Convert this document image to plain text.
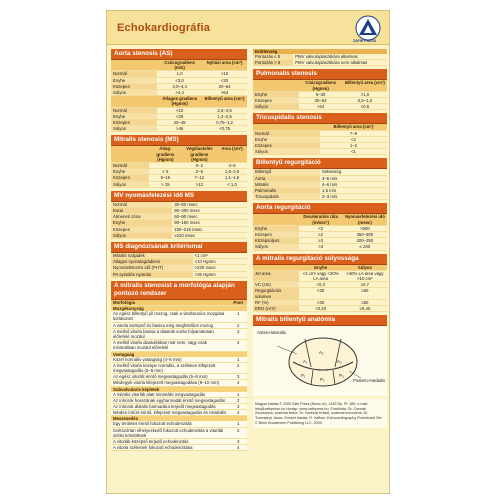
Echokardiográfia
ZAFIR PRESS
Aorta stenosis (AS)
	Csúcsgradiens (m/s)	Nyitási area (cm²)
Normál	1,0	<10
Enyhe	<3,0	<20
Közepes	3,0–4,4	20–64
Súlyos	>4,4	>64
	Átlagos gradiens (Hgmm)	Billentyű area (cm²)
Normál	<10	2,5–3,5
Enyhe	<25	1,2–2,5
Közepes	25–45	0,75–1,2
Súlyos	>45	<0,75
Mitralis stenosis (MS)
	Átlag-gradiens (Hgmm)	Végdiastolés gradiens (Hgmm)	Area (cm²)
Normál		0–2	4–6
Enyhe	≤ 5	2–6	1,5–2,5
Közepes	6–15	7–12	1,1–1,5
Súlyos	> 15	>12	< 1,0
MV nyomásfelezési idő MS
Normál	30–60 msec
Korai	90–400 msec
Átmeneti zóna	60–90 msec
Enyhe	90–150 msec
Közepes	150–219 msec
Súlyos	≥220 msec
MS diagnózisának kritériumai
Mitralis szájadék	<1 cm²
Átlagos nyomásgrádiens	<10 Hgmm
Nyomásfelezési idő (PHT)	>220 msec
PA systolés nyomás	>35 Hgmm
A mitralis stenosist a morfológia alapján pontozó rendszer
Morfológia	Pont
Mozgékonyság
Az egész billentyű jól mozog, csak a vitorlacsúcs mozgása korlátozott	1
A vitorla középső és basisa még megfelelően mozog	2
A mellső vitorla basisa a diastole során folyamatosan előrefelé mozdul	3
A mellső vitorla diastolékban már nem, vagy csak minimálisan mozdul előrefelé	4
Vastagság
Közel normális vastagság (4–5 mm)	1
A mellső vitorla közepe normális, a széleken kifejezett megvastagodás (5–8 mm)	2
Az egész vitorlát érintő megvastagodás (5–8 mm)	3
Mindegyik vitorla kifejezett megvastagodása (8–10 mm)	4
Subvalvularis képletek
A mitralis vitorlák alatt minimális megvastagodás	1
Az ínhúrok hosszának egyharmadát érintő megvastagodás	2
Az ínhúrok distalis harmadára terjedő megvastagodás	3
Minden ínhúrt érintő, kifejezett megvastagodás és rövidülés	4
Meszesedés
Egy területet érintő fokozott echodenzitás	1
Szétszórtan elhelyezkedő fokozott echodenzitás a vitorlák szélei körülöttünk	2
A vitorlák középső terjedő echodenzitás	3
A vitorla széleinek fokozott echodenzitása	4
Erőtlenség
Pontozás ≤ 8	PMV valvuloplasztikára alkalmas
Pontozás > 8	PMV valvuloplasztikára nem alkalmas
Pulmonalis stenosis
	Csúcsgradiens (Hgmm)	Billentyű area (cm²)
Enyhe	5–30	>1,0
Közepes	30–64	0,5–1,0
Súlyos	>64	<0,5
Tricuspidalis stenosis
	Billentyű area (cm²)
Normál	7–9
Enyhe	<2
Közepes	1–2
Súlyos	<1
Billentyű regurgitáció
Billentyű	Sebesség
Aorta	3–5 m/s
Mitralis	4–6 m/s
Pulmonalis	1,5 m/s
Tricuspidalis	2–3 m/s
Aorta regurgitáció
	Deceleratiós ráta (m/sec²)	Nyomásfelezési idő (msec)
Enyhe	<2	>500
Közepes	≥2	350–500
Középsúlyos	≥3	200–350
Súlyos	>3	≤ 200
A mitralis regurgitáció súlyossága
	Enyhe	Súlyos
Jet area	<4 cm² vagy <20% LA area	>40% LA area vagy >10 cm²
VC (cm)	<0,3	≥0,7
Regurgitációs volumen	<30	≥60
RF (%)	<30	≥50
ERO (cm²)	<0,20	≥0,40
Mitralis billentyű anatómia
Antero-lateralis
Postero-medialis
A₁
A₂
A₃
P₁
P₂
P₃
Magyar kiadás © 2009 Zafir Press (Mono Lit). 1445 Bp. Pf. 385, e-mail: info@zafirpress.hu Honlap: www.zafirpress.hu. Fordította: Dr. Csende Zsuzsanna, szakmai lektor: Dr. Karlócai Kristóf, szakmai konzulens: Dr. Tomcsányi János. Eredeti kiadás: R. Vafforn: Echocardiography Pocketcard Set © Börm Bruckmeier Publishing LLC, 2009.
